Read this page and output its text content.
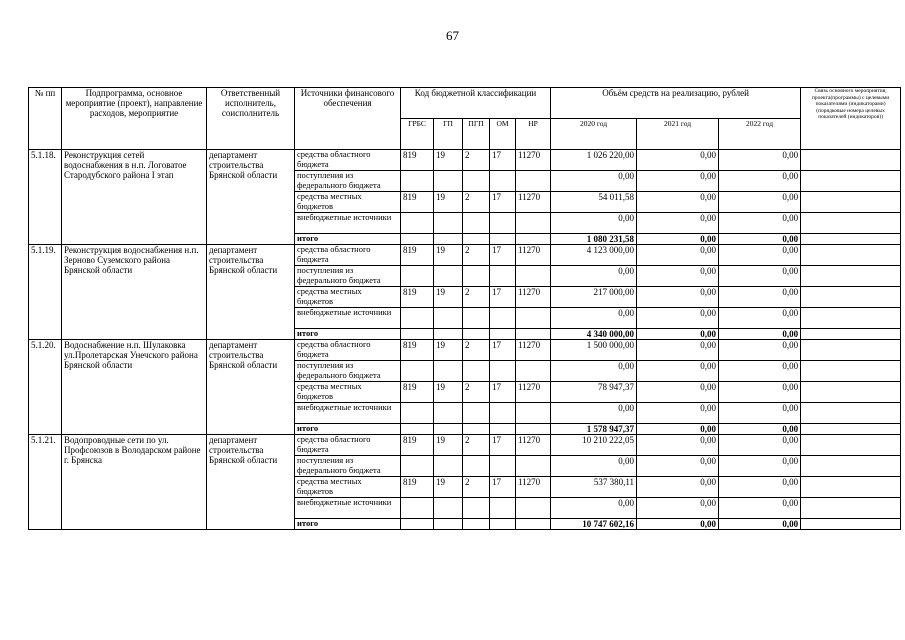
67
№ пп	Подпрограмма, основное мероприятие (проект), направление расходов, мероприятие	Ответственный исполнитель, соисполнитель	Источники финансового обеспечения	Код бюджетной классификации					Объём средств на реализацию, рублей			Связь основного мероприятия, проекта(программы) с целевыми показателями (индикаторами) (порядковые номера целевых показателей (индикаторов))
				ГРБС	ГП	ПГП	ОМ	НР	2020 год	2021 год	2022 год	
5.1.18.	Реконструкция сетей водоснабжения в н.п. Логоватое Стародубского района I этап	департамент строительства Брянской области	средства областного бюджета	819	19	2	17	11270	1 026 220,00	0,00	0,00	
			поступления из федерального бюджета						0,00	0,00	0,00	
			средства местных бюджетов	819	19	2	17	11270	54 011,58	0,00	0,00	
			внебюджетные источники						0,00	0,00	0,00	
			итого						1 080 231,58	0,00	0,00	
5.1.19.	Реконструкция водоснабжения н.п. Зерново Суземского района Брянской области	департамент строительства Брянской области	средства областного бюджета	819	19	2	17	11270	4 123 000,00	0,00	0,00	
			поступления из федерального бюджета						0,00	0,00	0,00	
			средства местных бюджетов	819	19	2	17	11270	217 000,00	0,00	0,00	
			внебюджетные источники						0,00	0,00	0,00	
			итого						4 340 000,00	0,00	0,00	
5.1.20.	Водоснабжение н.п. Шулаковка ул.Пролетарская Унечского района Брянской области	департамент строительства Брянской области	средства областного бюджета	819	19	2	17	11270	1 500 000,00	0,00	0,00	
			поступления из федерального бюджета						0,00	0,00	0,00	
			средства местных бюджетов	819	19	2	17	11270	78 947,37	0,00	0,00	
			внебюджетные источники						0,00	0,00	0,00	
			итого						1 578 947,37	0,00	0,00	
5.1.21.	Водопроводные сети по ул. Профсоюзов в Володарском районе г. Брянска	департамент строительства Брянской области	средства областного бюджета	819	19	2	17	11270	10 210 222,05	0,00	0,00	
			поступления из федерального бюджета						0,00	0,00	0,00	
			средства местных бюджетов	819	19	2	17	11270	537 380,11	0,00	0,00	
			внебюджетные источники						0,00	0,00	0,00	
			итого						10 747 602,16	0,00	0,00	
